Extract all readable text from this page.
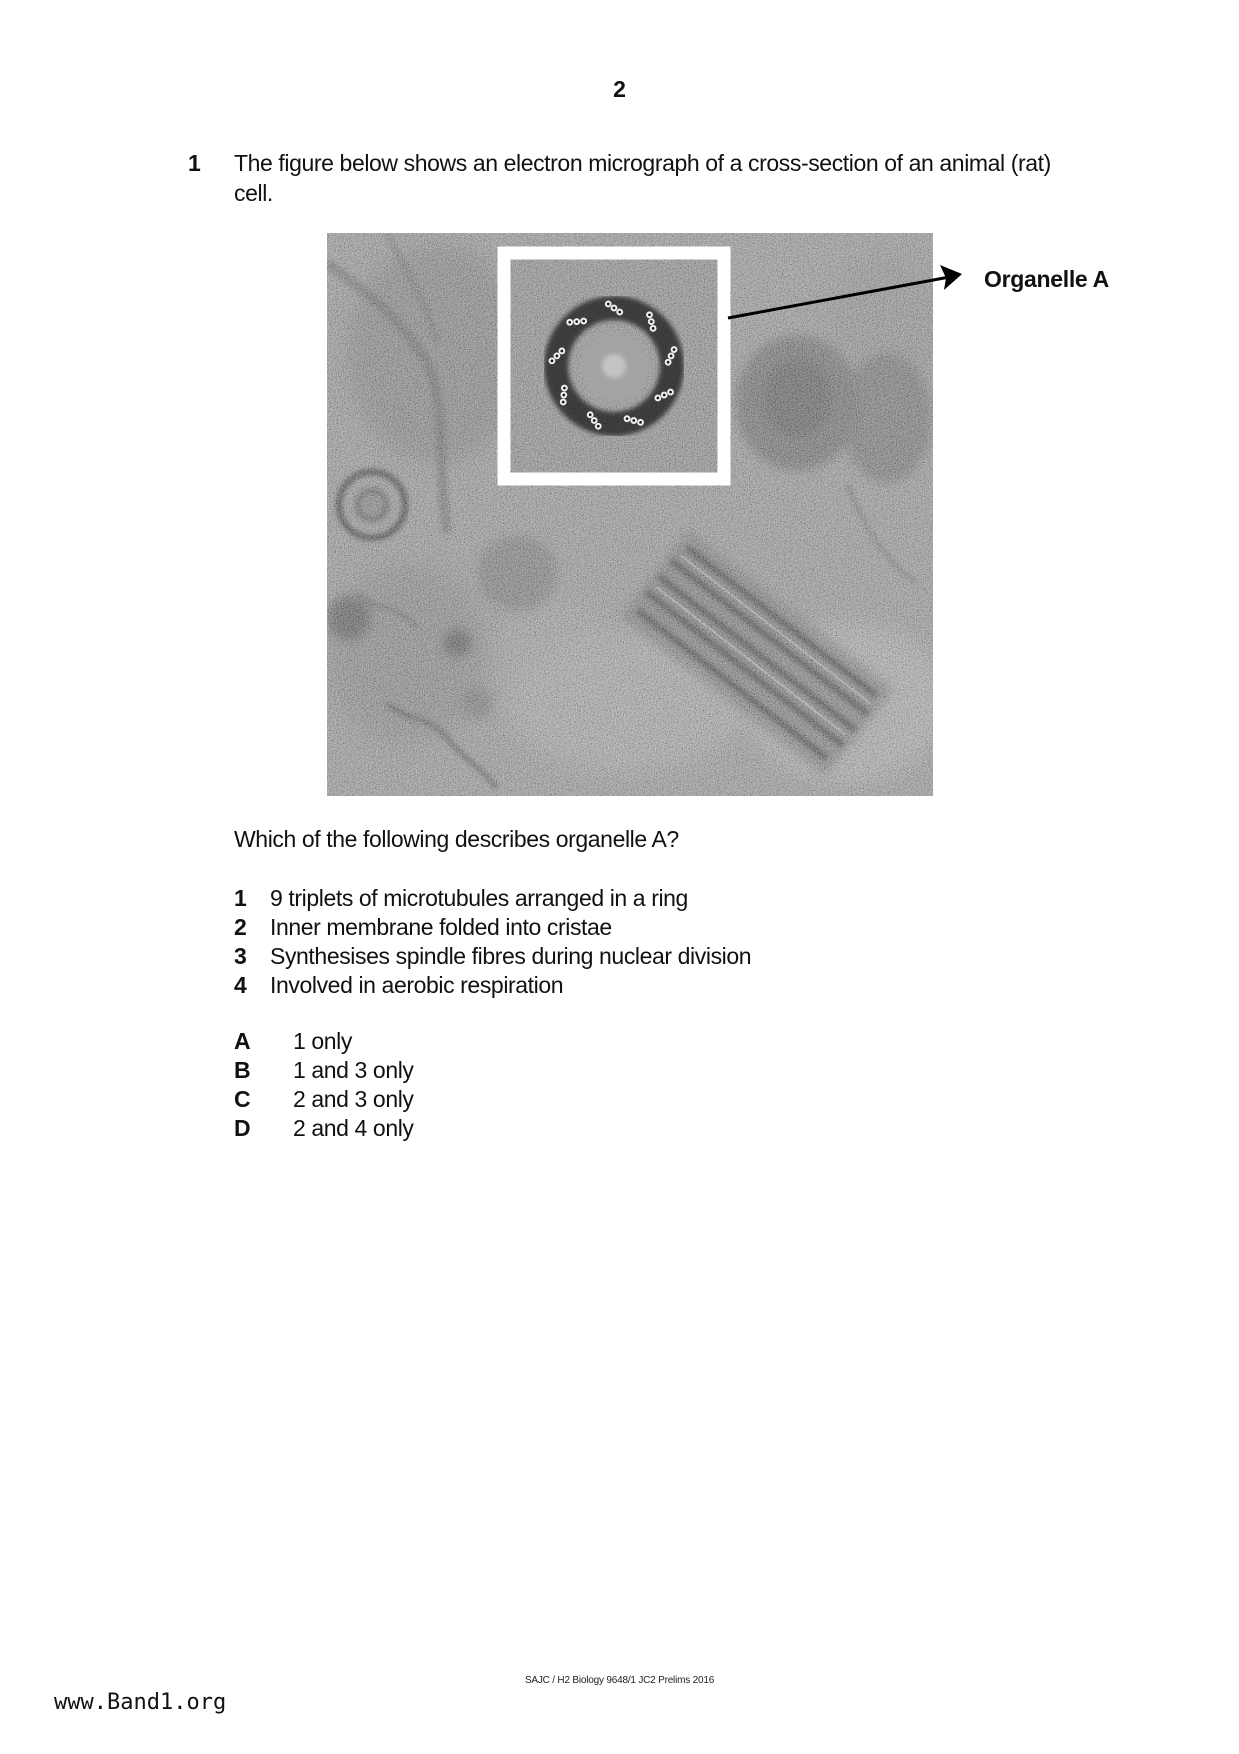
2
1 The figure below shows an electron micrograph of a cross-section of an animal (rat) cell.
Organelle A
Which of the following describes organelle A?
1	9 triplets of microtubules arranged in a ring
2	Inner membrane folded into cristae
3	Synthesises spindle fibres during nuclear division
4	Involved in aerobic respiration
A	1 only
B	1 and 3 only
C	2 and 3 only
D	2 and 4 only
SAJC / H2 Biology 9648/1 JC2 Prelims 2016
www.Band1.org
